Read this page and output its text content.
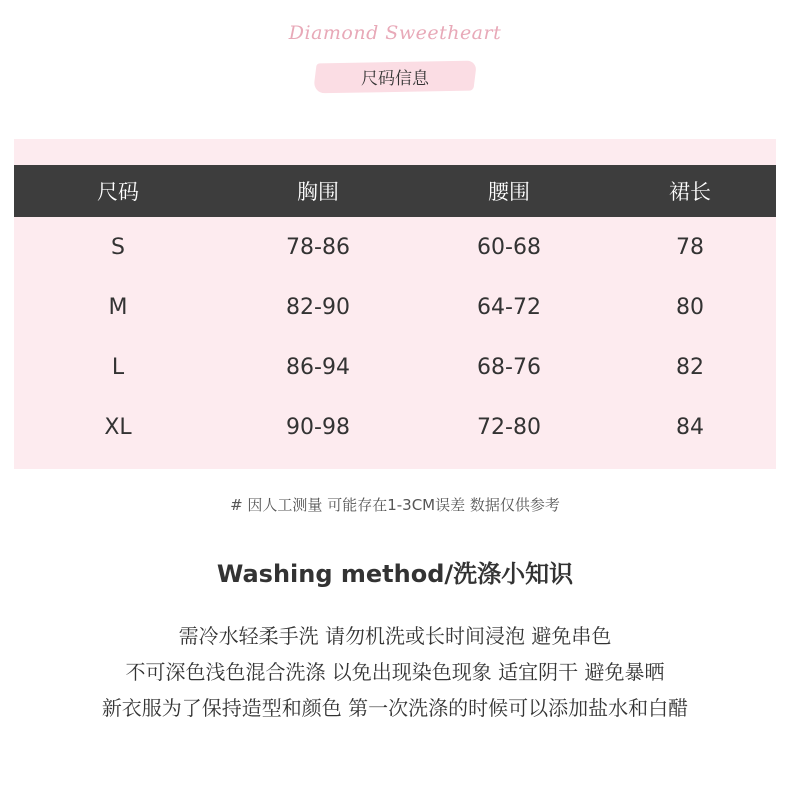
Diamond Sweetheart
尺码信息
尺码	胸围	腰围	裙长
S	78-86	60-68	78
M	82-90	64-72	80
L	86-94	68-76	82
XL	90-98	72-80	84
# 因人工测量 可能存在1-3CM误差 数据仅供参考
Washing method/洗涤小知识
需冷水轻柔手洗 请勿机洗或长时间浸泡 避免串色
不可深色浅色混合洗涤 以免出现染色现象 适宜阴干 避免暴晒
新衣服为了保持造型和颜色 第一次洗涤的时候可以添加盐水和白醋
